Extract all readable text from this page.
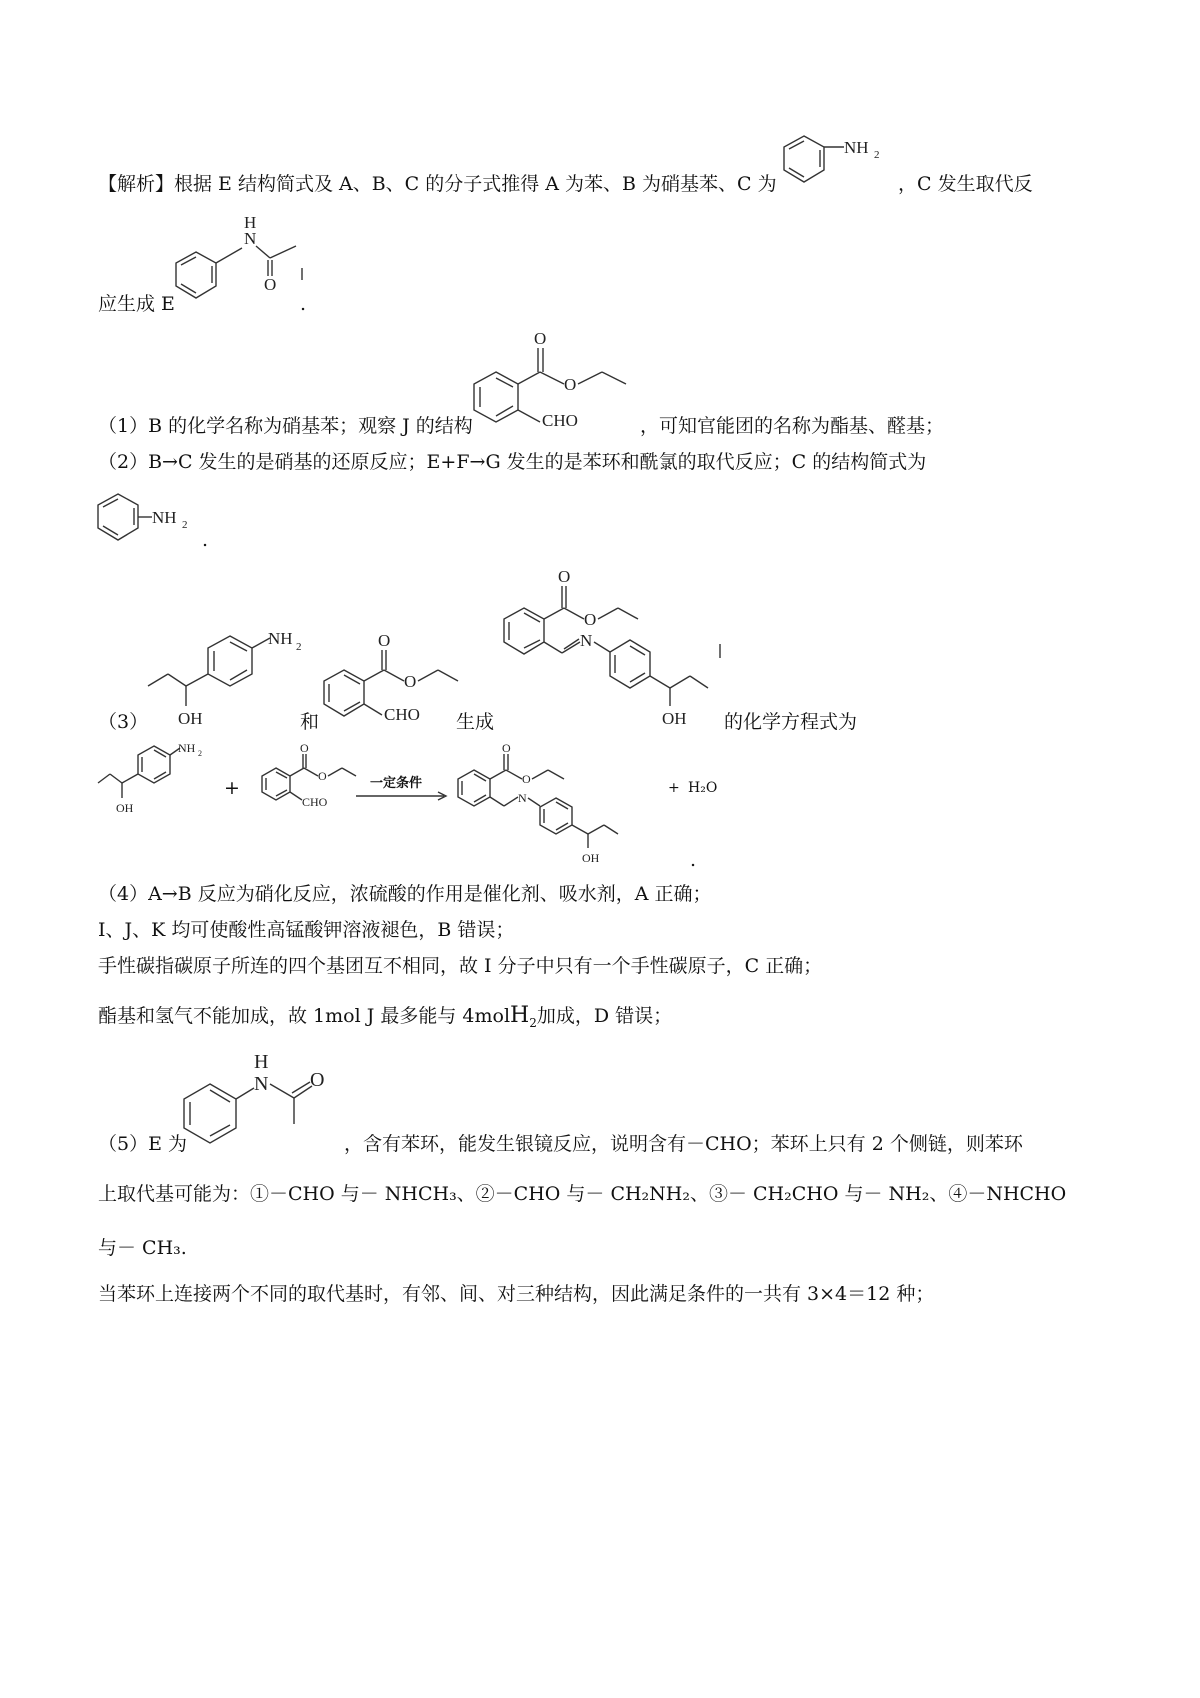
【解析】根据 E 结构简式及 A、B、C 的分子式推得 A 为苯、B 为硝基苯、C 为
NH 2
，C 发生取代反
应生成 E
N
H
O
.
（1）B 的化学名称为硝基苯；观察 J 的结构
O
O
CHO	，可知官能团的名称为酯基、醛基；
（2）B→C 发生的是硝基的还原反应；E+F→G 发生的是苯环和酰氯的取代反应；C 的结构简式为
NH 2
.
（3）
NH 2
OH	和
O
O
CHO 生成
O
O
N
OH 的化学方程式为
NH 2
OH
+
O
O
CHO
一定条件
O
O
N
OH
+ H₂O
.
（4）A→B 反应为硝化反应，浓硫酸的作用是催化剂、吸水剂，A 正确；
I、J、K 均可使酸性高锰酸钾溶液褪色，B 错误；
手性碳指碳原子所连的四个基团互不相同，故 I 分子中只有一个手性碳原子，C 正确；
酯基和氢气不能加成，故 1mol J 最多能与 4molH$_2$加成，D 错误；
（5）E 为
N
H
O
，含有苯环，能发生银镜反应，说明含有－CHO；苯环上只有 2 个侧链，则苯环
上取代基可能为：①－CHO 与－ NHCH₃、②－CHO 与－ CH₂NH₂、③－ CH₂CHO 与－ NH₂、④－NHCHO
与－ CH₃.
当苯环上连接两个不同的取代基时，有邻、间、对三种结构，因此满足条件的一共有 3×4＝12 种；
